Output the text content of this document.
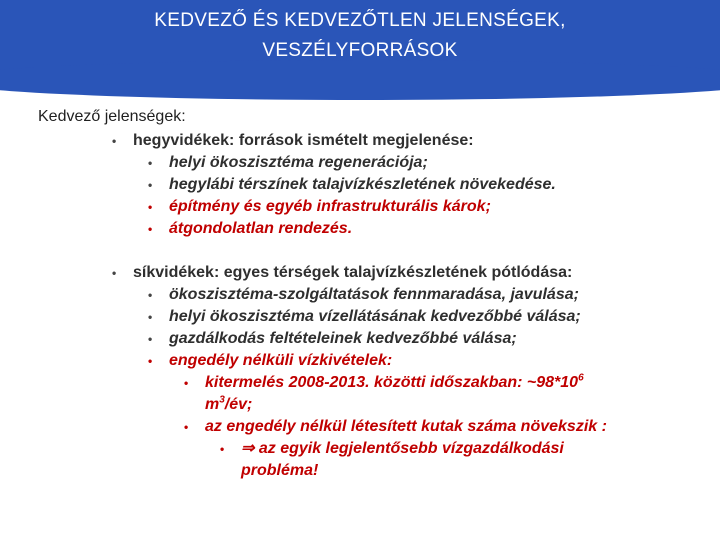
KEDVEZŐ ÉS KEDVEZŐTLEN JELENSÉGEK,
VESZÉLYFORRÁSOK
Kedvező jelenségek:
• hegyvidékek: források ismételt megjelenése:
• helyi ökoszisztéma regenerációja;
• hegylábi térszínek talajvízkészletének növekedése.
• építmény és egyéb infrastrukturális károk;
• átgondolatlan rendezés.
• síkvidékek: egyes térségek talajvízkészletének pótlódása:
• ökoszisztéma-szolgáltatások fennmaradása, javulása;
• helyi ökoszisztéma vízellátásának kedvezőbbé válása;
• gazdálkodás feltételeinek kedvezőbbé válása;
• engedély nélküli vízkivételek:
• kitermelés 2008-2013. közötti időszakban: $\sim 98*10^6$
$m^3/év$;
• az engedély nélkül létesített kutak száma növekszik :
• ⇒ az egyik legjelentősebb vízgazdálkodási
probléma!
